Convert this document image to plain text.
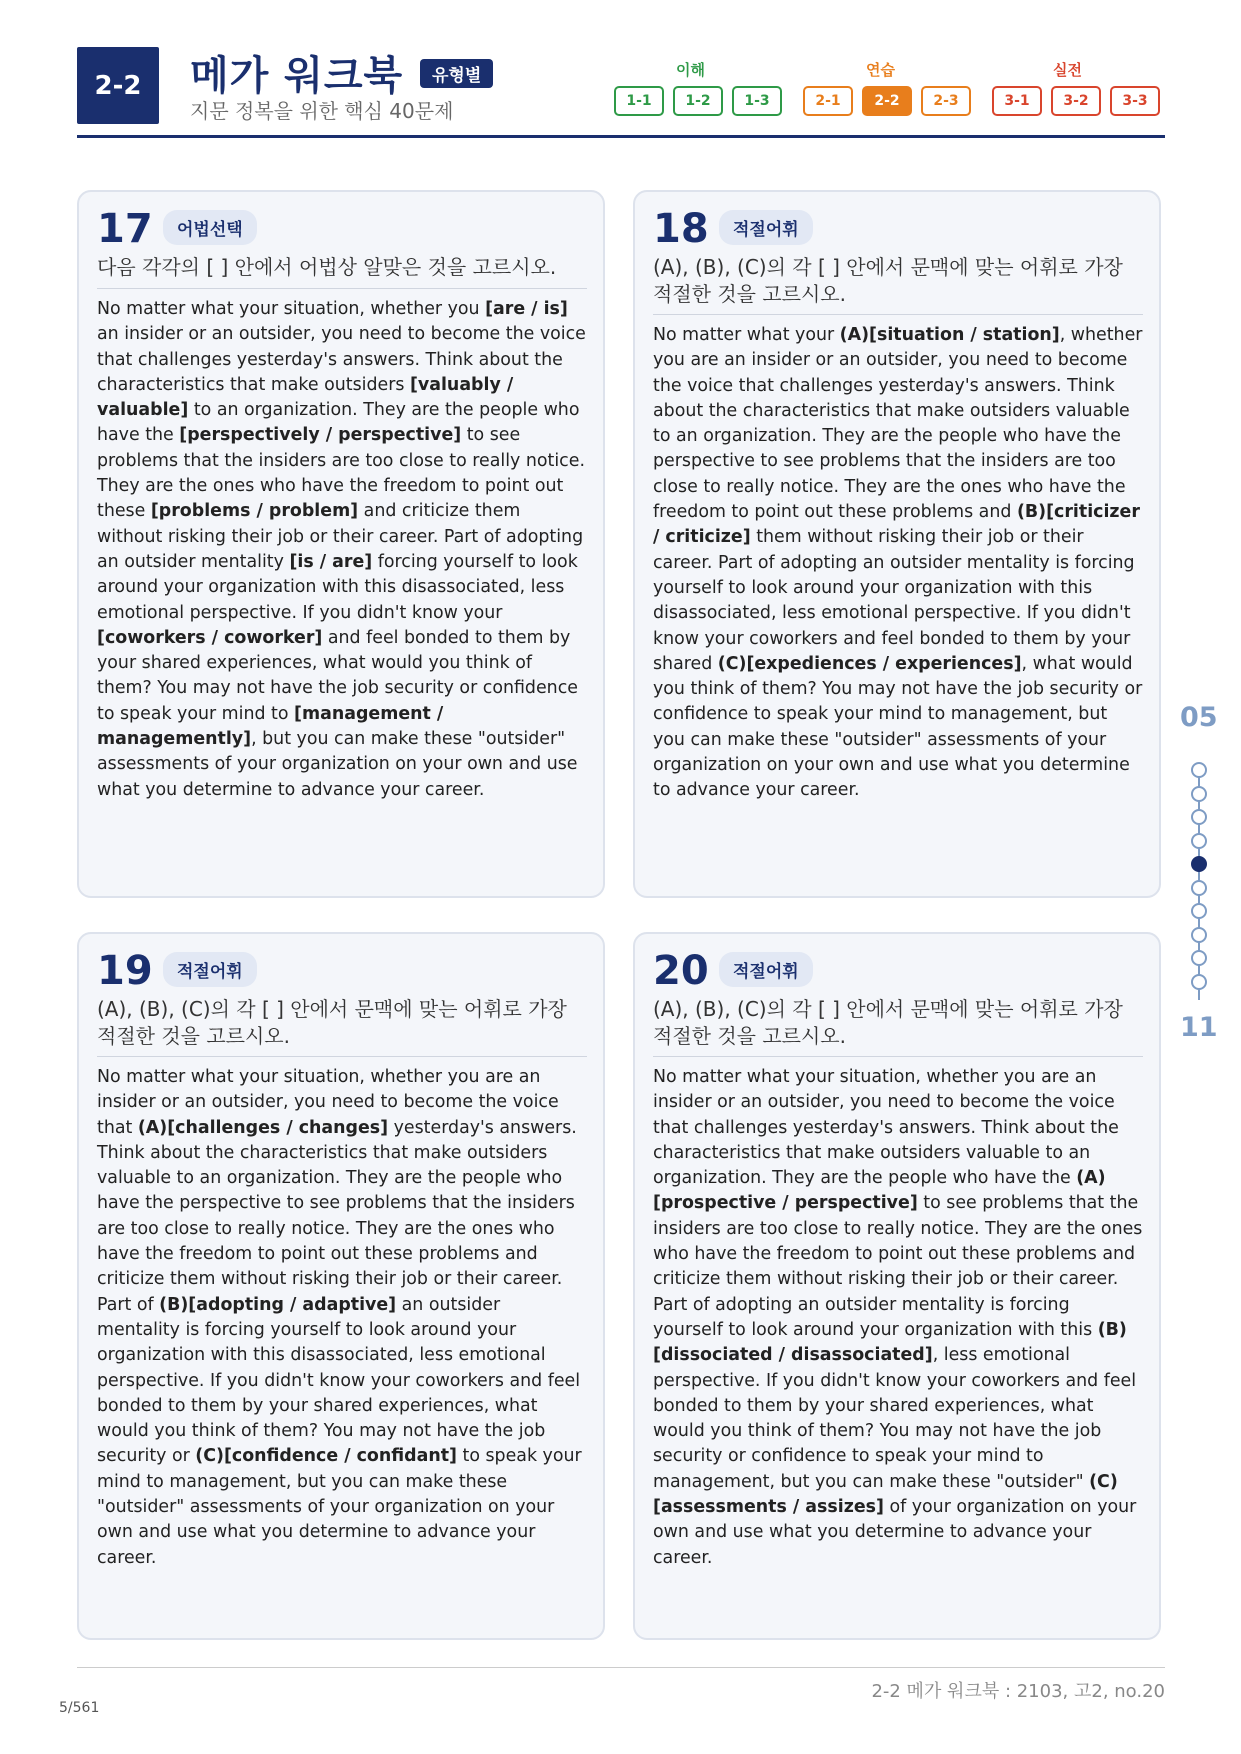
2-2	메가 워크북	유형별
지문 정복을 위한 핵심 40문제
이해	연습	실전
1-1	1-2	1-3	2-1	2-2	2-3	3-1	3-2	3-3
17	어법선택
다음 각각의 [ ] 안에서 어법상 알맞은 것을 고르시오.
No matter what your situation, whether you [are / is] an insider or an outsider, you need to become the voice that challenges yesterday's answers. Think about the characteristics that make outsiders [valuably / valuable] to an organization. They are the people who have the [perspectively / perspective] to see problems that the insiders are too close to really notice. They are the ones who have the freedom to point out these [problems / problem] and criticize them without risking their job or their career. Part of adopting an outsider mentality [is / are] forcing yourself to look around your organization with this disassociated, less emotional perspective. If you didn't know your [coworkers / coworker] and feel bonded to them by your shared experiences, what would you think of them? You may not have the job security or confidence to speak your mind to [management / managemently], but you can make these "outsider" assessments of your organization on your own and use what you determine to advance your career.
18	적절어휘
(A), (B), (C)의 각 [ ] 안에서 문맥에 맞는 어휘로 가장 적절한 것을 고르시오.
No matter what your (A)[situation / station], whether you are an insider or an outsider, you need to become the voice that challenges yesterday's answers. Think about the characteristics that make outsiders valuable to an organization. They are the people who have the perspective to see problems that the insiders are too close to really notice. They are the ones who have the freedom to point out these problems and (B)[criticizer / criticize] them without risking their job or their career. Part of adopting an outsider mentality is forcing yourself to look around your organization with this disassociated, less emotional perspective. If you didn't know your coworkers and feel bonded to them by your shared (C)[expediences / experiences], what would you think of them? You may not have the job security or confidence to speak your mind to management, but you can make these "outsider" assessments of your organization on your own and use what you determine to advance your career.
19	적절어휘
(A), (B), (C)의 각 [ ] 안에서 문맥에 맞는 어휘로 가장 적절한 것을 고르시오.
No matter what your situation, whether you are an insider or an outsider, you need to become the voice that (A)[challenges / changes] yesterday's answers. Think about the characteristics that make outsiders valuable to an organization. They are the people who have the perspective to see problems that the insiders are too close to really notice. They are the ones who have the freedom to point out these problems and criticize them without risking their job or their career. Part of (B)[adopting / adaptive] an outsider mentality is forcing yourself to look around your organization with this disassociated, less emotional perspective. If you didn't know your coworkers and feel bonded to them by your shared experiences, what would you think of them? You may not have the job security or (C)[confidence / confidant] to speak your mind to management, but you can make these "outsider" assessments of your organization on your own and use what you determine to advance your career.
20	적절어휘
(A), (B), (C)의 각 [ ] 안에서 문맥에 맞는 어휘로 가장 적절한 것을 고르시오.
No matter what your situation, whether you are an insider or an outsider, you need to become the voice that challenges yesterday's answers. Think about the characteristics that make outsiders valuable to an organization. They are the people who have the (A)[prospective / perspective] to see problems that the insiders are too close to really notice. They are the ones who have the freedom to point out these problems and criticize them without risking their job or their career. Part of adopting an outsider mentality is forcing yourself to look around your organization with this (B)[dissociated / disassociated], less emotional perspective. If you didn't know your coworkers and feel bonded to them by your shared experiences, what would you think of them? You may not have the job security or confidence to speak your mind to management, but you can make these "outsider" (C)[assessments / assizes] of your organization on your own and use what you determine to advance your career.
05
11
2-2 메가 워크북 : 2103, 고2, no.20
5/561
